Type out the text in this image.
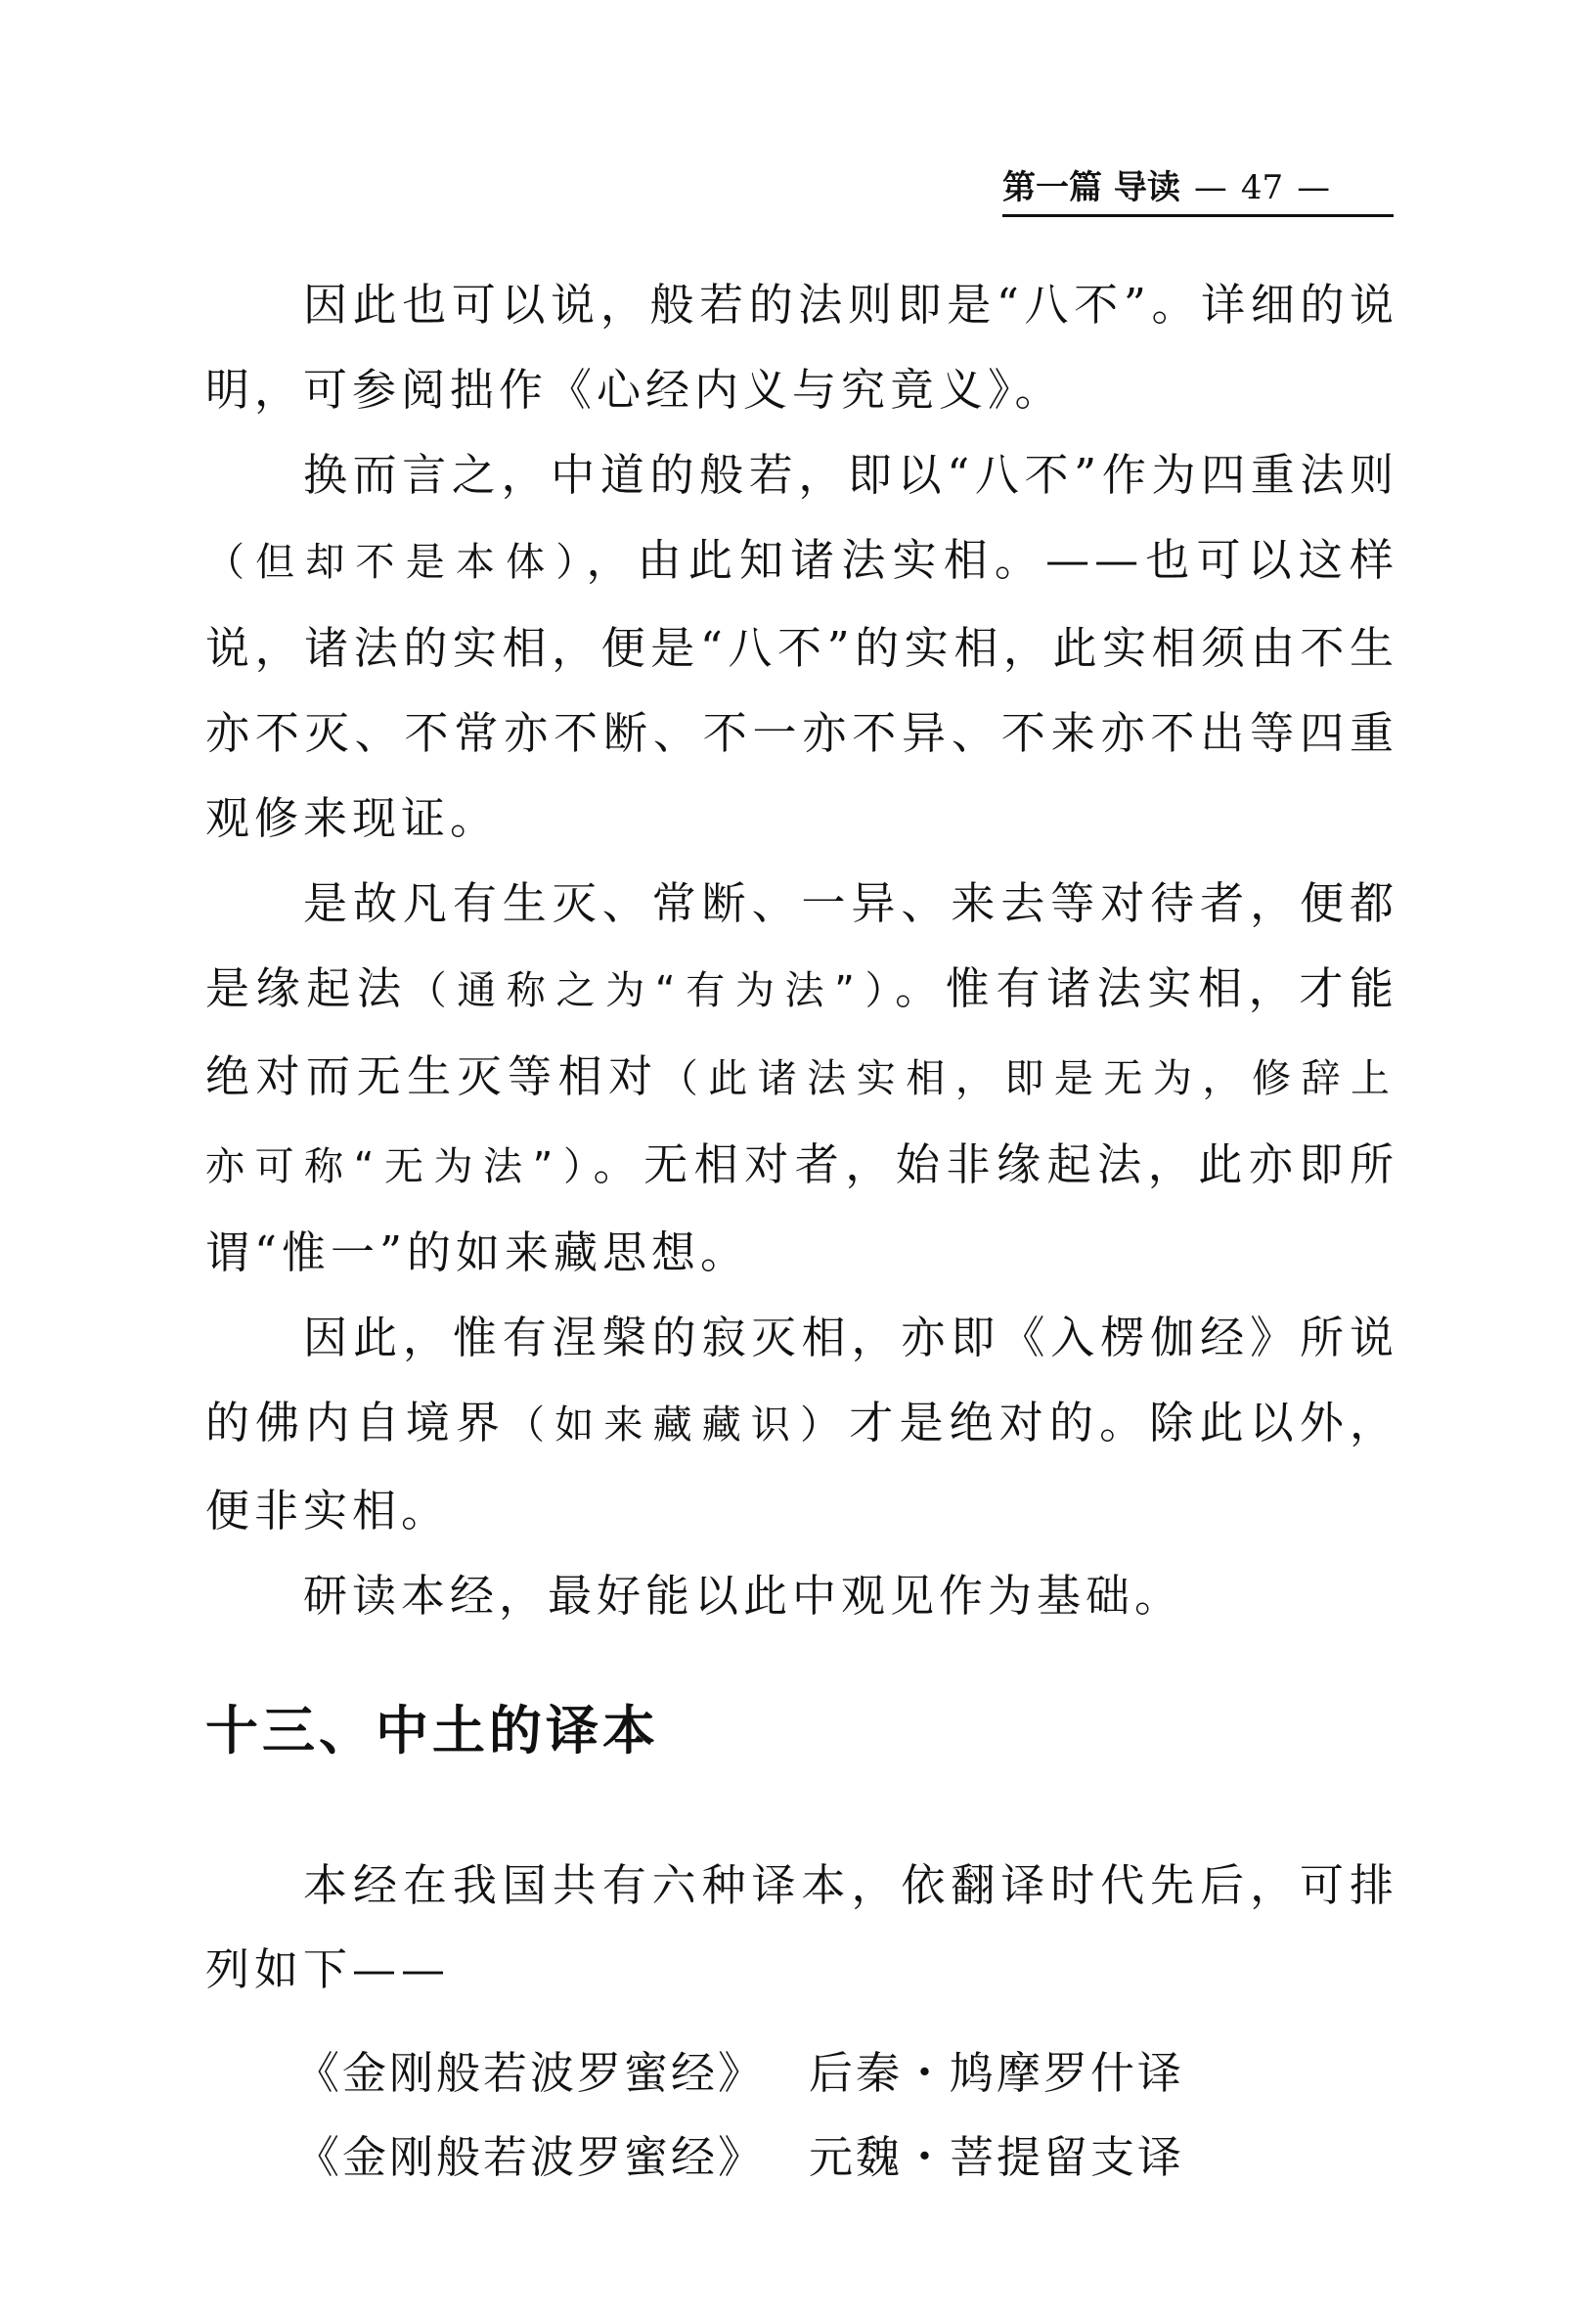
第一篇 导读 — 47 —

因此也可以说，般若的法则即是“八不”。详细的说明，可参阅拙作《心经内义与究竟义》。

换而言之，中道的般若，即以“八不”作为四重法则（但却不是本体），由此知诸法实相。——也可以这样说，诸法的实相，便是“八不”的实相，此实相须由不生亦不灭、不常亦不断、不一亦不异、不来亦不出等四重观修来现证。

是故凡有生灭、常断、一异、来去等对待者，便都是缘起法（通称之为“有为法”）。惟有诸法实相，才能绝对而无生灭等相对（此诸法实相，即是无为，修辞上亦可称“无为法”）。无相对者，始非缘起法，此亦即所谓“惟一”的如来藏思想。

因此，惟有涅槃的寂灭相，亦即《入楞伽经》所说的佛内自境界（如来藏藏识）才是绝对的。除此以外，便非实相。

研读本经，最好能以此中观见作为基础。

十三、中土的译本

本经在我国共有六种译本，依翻译时代先后，可排列如下——

《金刚般若波罗蜜经》 后秦・鸠摩罗什译
《金刚般若波罗蜜经》 元魏・菩提留支译
